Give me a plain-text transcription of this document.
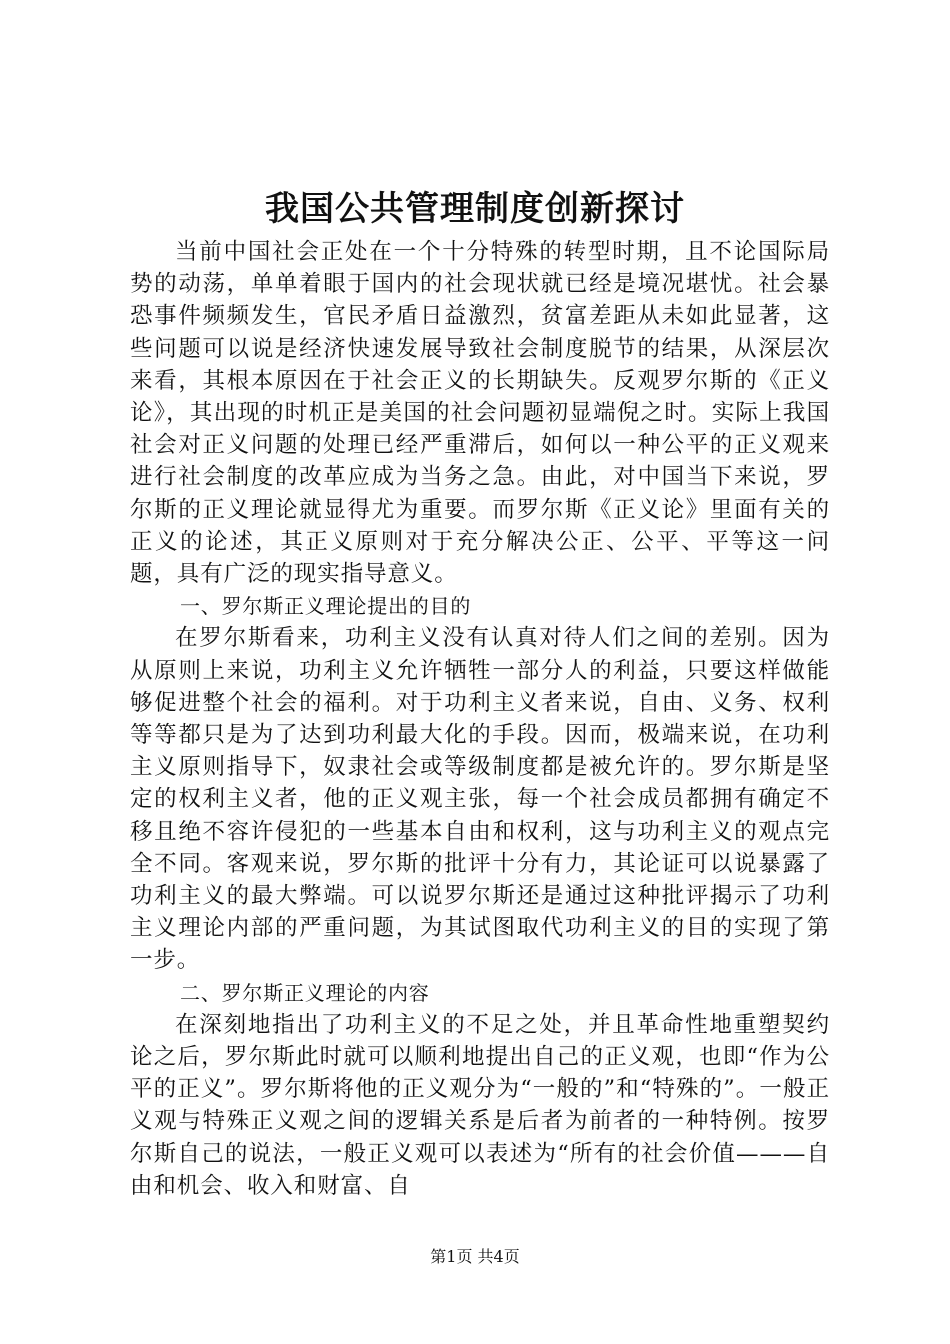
我国公共管理制度创新探讨

当前中国社会正处在一个十分特殊的转型时期，且不论国际局势的动荡，单单着眼于国内的社会现状就已经是境况堪忧。社会暴恐事件频频发生，官民矛盾日益激烈，贫富差距从未如此显著，这些问题可以说是经济快速发展导致社会制度脱节的结果，从深层次来看，其根本原因在于社会正义的长期缺失。反观罗尔斯的《正义论》，其出现的时机正是美国的社会问题初显端倪之时。实际上我国社会对正义问题的处理已经严重滞后，如何以一种公平的正义观来进行社会制度的改革应成为当务之急。由此，对中国当下来说，罗尔斯的正义理论就显得尤为重要。而罗尔斯《正义论》里面有关的正义的论述，其正义原则对于充分解决公正、公平、平等这一问题，具有广泛的现实指导意义。

一、罗尔斯正义理论提出的目的

在罗尔斯看来，功利主义没有认真对待人们之间的差别。因为从原则上来说，功利主义允许牺牲一部分人的利益，只要这样做能够促进整个社会的福利。对于功利主义者来说，自由、义务、权利等等都只是为了达到功利最大化的手段。因而，极端来说，在功利主义原则指导下，奴隶社会或等级制度都是被允许的。罗尔斯是坚定的权利主义者，他的正义观主张，每一个社会成员都拥有确定不移且绝不容许侵犯的一些基本自由和权利，这与功利主义的观点完全不同。客观来说，罗尔斯的批评十分有力，其论证可以说暴露了功利主义的最大弊端。可以说罗尔斯还是通过这种批评揭示了功利主义理论内部的严重问题，为其试图取代功利主义的目的实现了第一步。

二、罗尔斯正义理论的内容

在深刻地指出了功利主义的不足之处，并且革命性地重塑契约论之后，罗尔斯此时就可以顺利地提出自己的正义观，也即“作为公平的正义”。罗尔斯将他的正义观分为“一般的”和“特殊的”。一般正义观与特殊正义观之间的逻辑关系是后者为前者的一种特例。按罗尔斯自己的说法，一般正义观可以表述为“所有的社会价值———自由和机会、收入和财富、自

第1页 共4页
